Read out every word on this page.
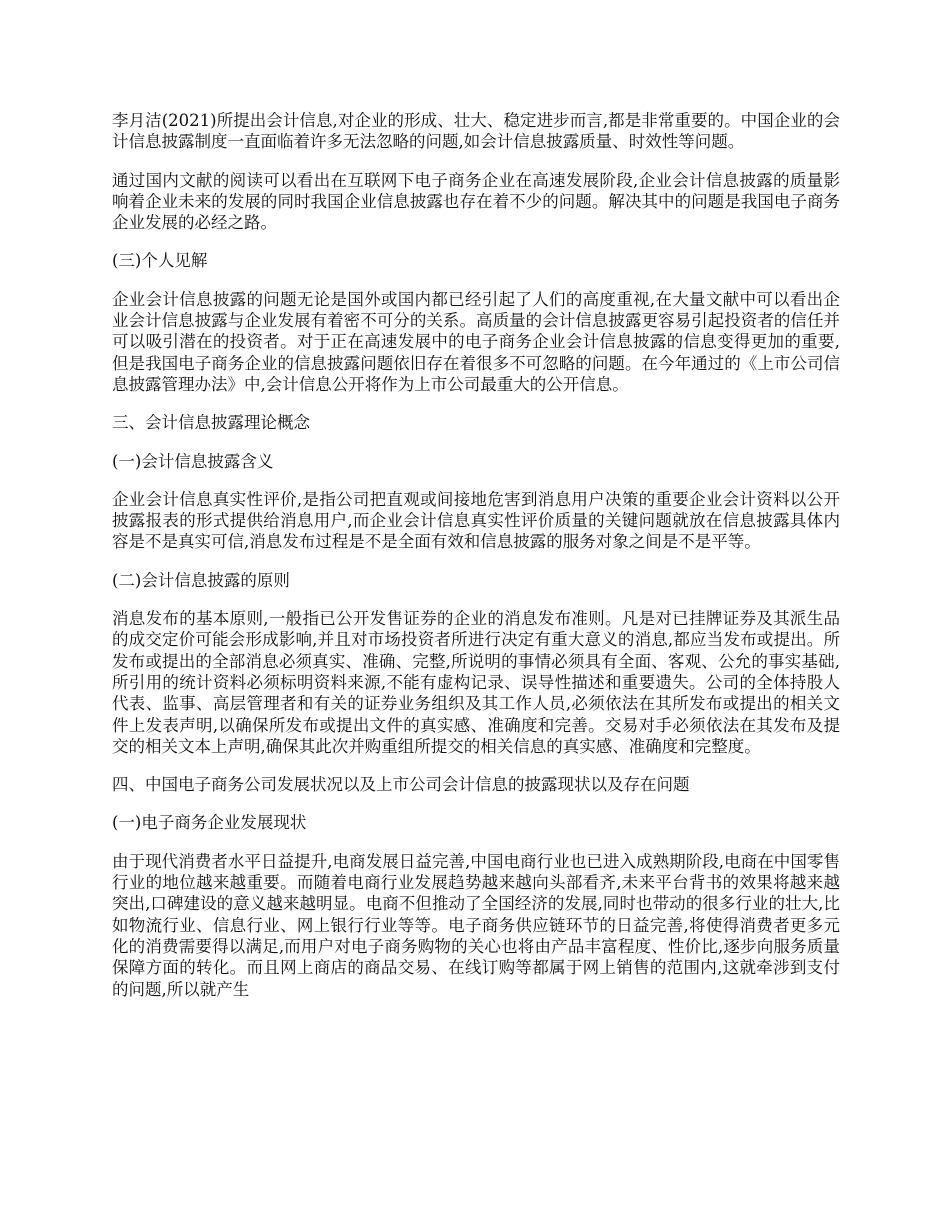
李月洁(2021)所提出会计信息,对企业的形成、壮大、稳定进步而言,都是非常重要的。中国企业的会计信息披露制度一直面临着许多无法忽略的问题,如会计信息披露质量、时效性等问题。

通过国内文献的阅读可以看出在互联网下电子商务企业在高速发展阶段,企业会计信息披露的质量影响着企业未来的发展的同时我国企业信息披露也存在着不少的问题。解决其中的问题是我国电子商务企业发展的必经之路。

(三)个人见解

企业会计信息披露的问题无论是国外或国内都已经引起了人们的高度重视,在大量文献中可以看出企业会计信息披露与企业发展有着密不可分的关系。高质量的会计信息披露更容易引起投资者的信任并可以吸引潜在的投资者。对于正在高速发展中的电子商务企业会计信息披露的信息变得更加的重要,但是我国电子商务企业的信息披露问题依旧存在着很多不可忽略的问题。在今年通过的《上市公司信息披露管理办法》中,会计信息公开将作为上市公司最重大的公开信息。

三、会计信息披露理论概念

(一)会计信息披露含义

企业会计信息真实性评价,是指公司把直观或间接地危害到消息用户决策的重要企业会计资料以公开披露报表的形式提供给消息用户,而企业会计信息真实性评价质量的关键问题就放在信息披露具体内容是不是真实可信,消息发布过程是不是全面有效和信息披露的服务对象之间是不是平等。

(二)会计信息披露的原则

消息发布的基本原则,一般指已公开发售证券的企业的消息发布准则。凡是对已挂牌证券及其派生品的成交定价可能会形成影响,并且对市场投资者所进行决定有重大意义的消息,都应当发布或提出。所发布或提出的全部消息必须真实、准确、完整,所说明的事情必须具有全面、客观、公允的事实基础,所引用的统计资料必须标明资料来源,不能有虚构记录、误导性描述和重要遗失。公司的全体持股人代表、监事、高层管理者和有关的证券业务组织及其工作人员,必须依法在其所发布或提出的相关文件上发表声明,以确保所发布或提出文件的真实感、准确度和完善。交易对手必须依法在其发布及提交的相关文本上声明,确保其此次并购重组所提交的相关信息的真实感、准确度和完整度。

四、中国电子商务公司发展状况以及上市公司会计信息的披露现状以及存在问题

(一)电子商务企业发展现状

由于现代消费者水平日益提升,电商发展日益完善,中国电商行业也已进入成熟期阶段,电商在中国零售行业的地位越来越重要。而随着电商行业发展趋势越来越向头部看齐,未来平台背书的效果将越来越突出,口碑建设的意义越来越明显。电商不但推动了全国经济的发展,同时也带动的很多行业的壮大,比如物流行业、信息行业、网上银行行业等等。电子商务供应链环节的日益完善,将使得消费者更多元化的消费需要得以满足,而用户对电子商务购物的关心也将由产品丰富程度、性价比,逐步向服务质量保障方面的转化。而且网上商店的商品交易、在线订购等都属于网上销售的范围内,这就牵涉到支付的问题,所以就产生
